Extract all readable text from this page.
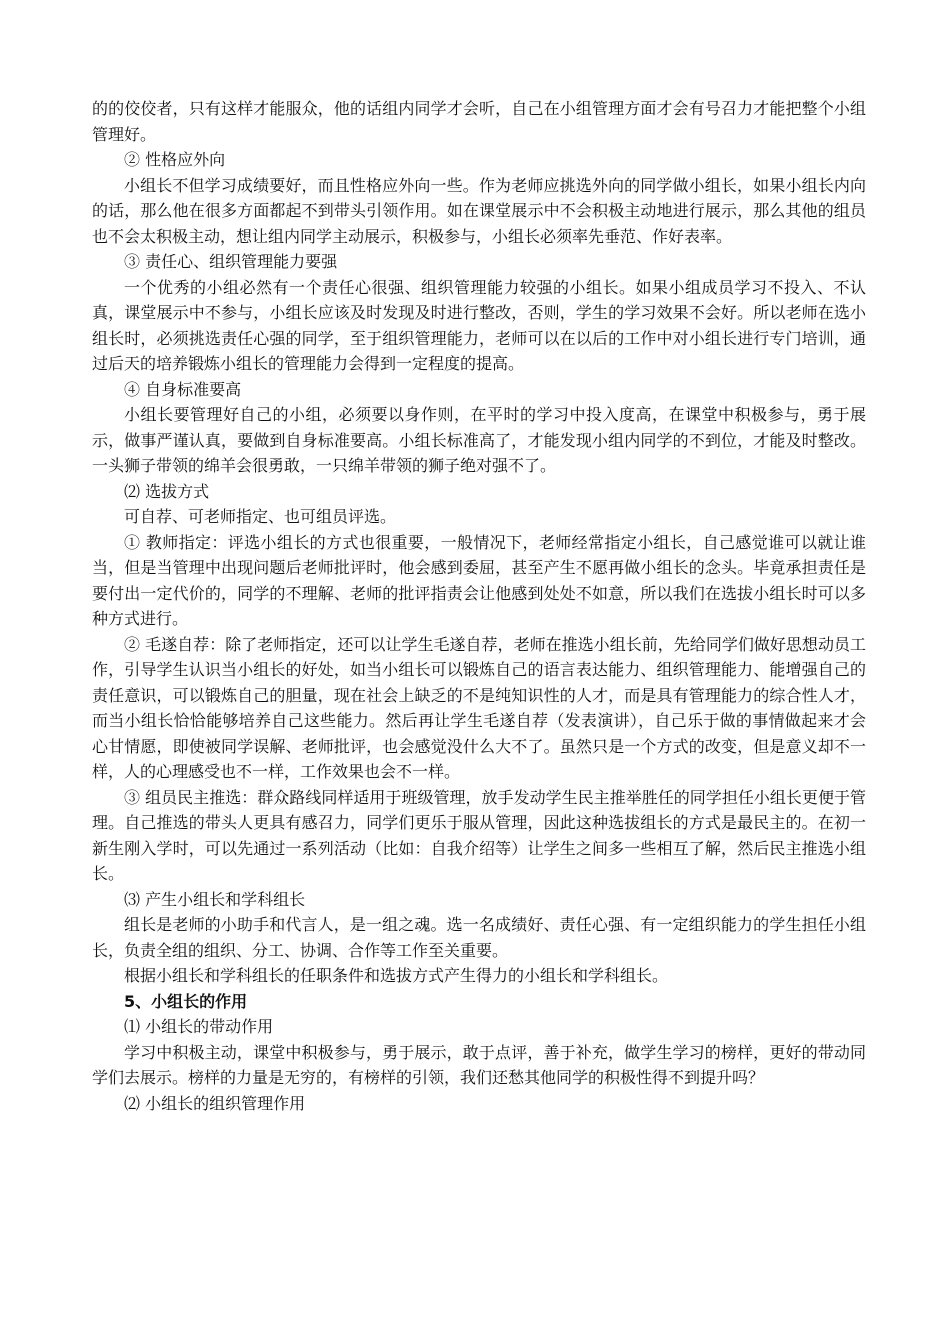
的的佼佼者，只有这样才能服众，他的话组内同学才会听，自己在小组管理方面才会有号召力才能把整个小组管理好。

② 性格应外向

小组长不但学习成绩要好，而且性格应外向一些。作为老师应挑选外向的同学做小组长，如果小组长内向的话，那么他在很多方面都起不到带头引领作用。如在课堂展示中不会积极主动地进行展示，那么其他的组员也不会太积极主动，想让组内同学主动展示，积极参与，小组长必须率先垂范、作好表率。

③ 责任心、组织管理能力要强

一个优秀的小组必然有一个责任心很强、组织管理能力较强的小组长。如果小组成员学习不投入、不认真，课堂展示中不参与，小组长应该及时发现及时进行整改，否则，学生的学习效果不会好。所以老师在选小组长时，必须挑选责任心强的同学，至于组织管理能力，老师可以在以后的工作中对小组长进行专门培训，通过后天的培养锻炼小组长的管理能力会得到一定程度的提高。

④ 自身标准要高

小组长要管理好自己的小组，必须要以身作则，在平时的学习中投入度高，在课堂中积极参与，勇于展示，做事严谨认真，要做到自身标准要高。小组长标准高了，才能发现小组内同学的不到位，才能及时整改。一头狮子带领的绵羊会很勇敢，一只绵羊带领的狮子绝对强不了。

⑵ 选拔方式

可自荐、可老师指定、也可组员评选。

① 教师指定：评选小组长的方式也很重要，一般情况下，老师经常指定小组长，自己感觉谁可以就让谁当，但是当管理中出现问题后老师批评时，他会感到委屈，甚至产生不愿再做小组长的念头。毕竟承担责任是要付出一定代价的，同学的不理解、老师的批评指责会让他感到处处不如意，所以我们在选拔小组长时可以多种方式进行。

② 毛遂自荐：除了老师指定，还可以让学生毛遂自荐，老师在推选小组长前，先给同学们做好思想动员工作，引导学生认识当小组长的好处，如当小组长可以锻炼自己的语言表达能力、组织管理能力、能增强自己的责任意识，可以锻炼自己的胆量，现在社会上缺乏的不是纯知识性的人才，而是具有管理能力的综合性人才，而当小组长恰恰能够培养自己这些能力。然后再让学生毛遂自荐（发表演讲），自己乐于做的事情做起来才会心甘情愿，即使被同学误解、老师批评，也会感觉没什么大不了。虽然只是一个方式的改变，但是意义却不一样，人的心理感受也不一样，工作效果也会不一样。

③ 组员民主推选：群众路线同样适用于班级管理，放手发动学生民主推举胜任的同学担任小组长更便于管理。自己推选的带头人更具有感召力，同学们更乐于服从管理，因此这种选拔组长的方式是最民主的。在初一新生刚入学时，可以先通过一系列活动（比如：自我介绍等）让学生之间多一些相互了解，然后民主推选小组长。

⑶ 产生小组长和学科组长

组长是老师的小助手和代言人，是一组之魂。选一名成绩好、责任心强、有一定组织能力的学生担任小组长，负责全组的组织、分工、协调、合作等工作至关重要。

根据小组长和学科组长的任职条件和选拔方式产生得力的小组长和学科组长。

5、小组长的作用

⑴ 小组长的带动作用

学习中积极主动，课堂中积极参与，勇于展示，敢于点评，善于补充，做学生学习的榜样，更好的带动同学们去展示。榜样的力量是无穷的，有榜样的引领，我们还愁其他同学的积极性得不到提升吗？

⑵ 小组长的组织管理作用
